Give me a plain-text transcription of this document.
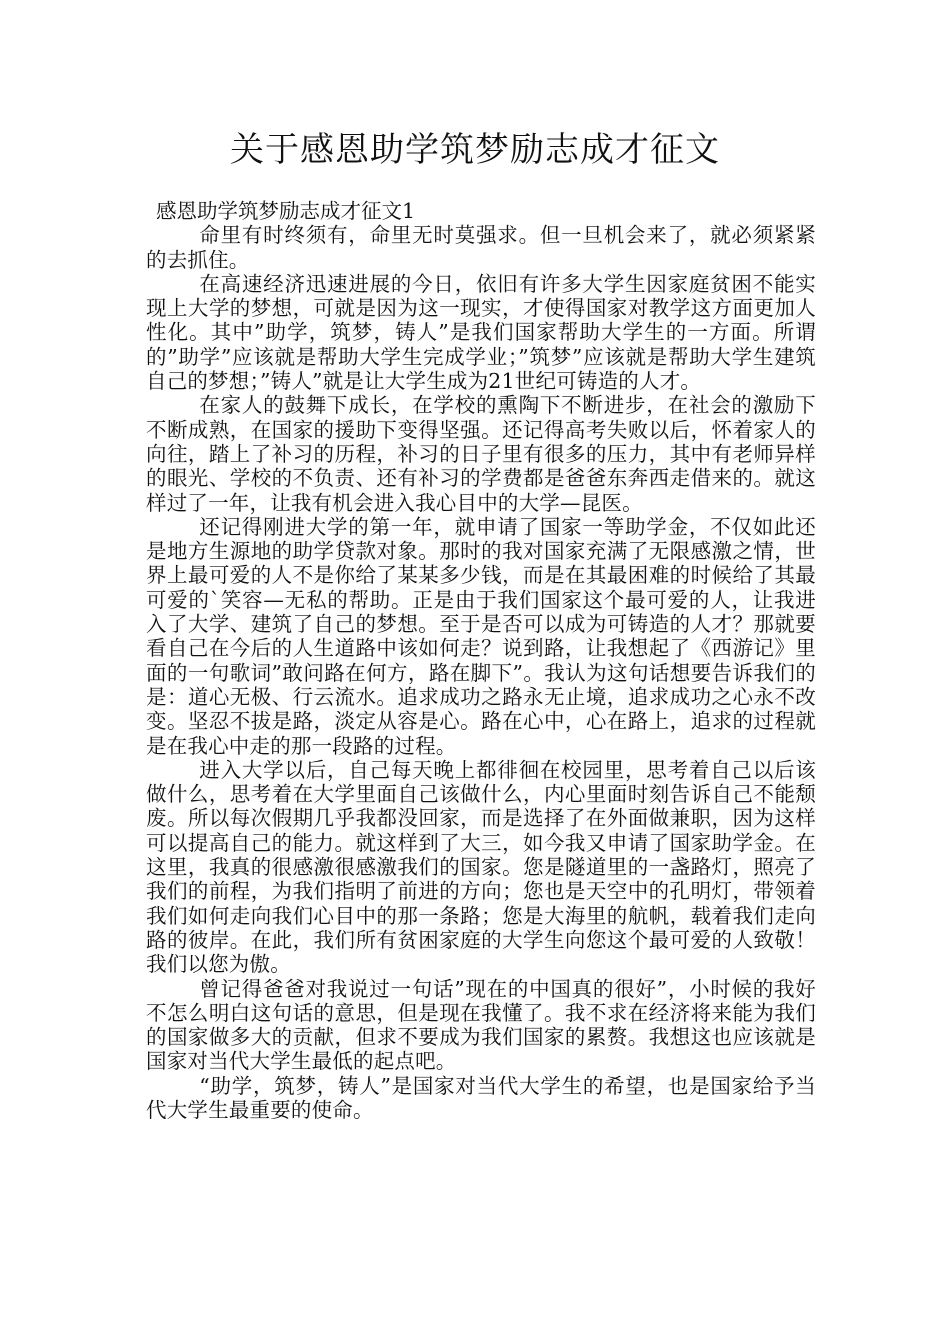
关于感恩助学筑梦励志成才征文

感恩助学筑梦励志成才征文1

命里有时终须有，命里无时莫强求。但一旦机会来了，就必须紧紧的去抓住。

在高速经济迅速进展的今日，依旧有许多大学生因家庭贫困不能实现上大学的梦想，可就是因为这一现实，才使得国家对教学这方面更加人性化。其中”助学，筑梦，铸人”是我们国家帮助大学生的一方面。所谓的”助学”应该就是帮助大学生完成学业；”筑梦”应该就是帮助大学生建筑自己的梦想；”铸人”就是让大学生成为21世纪可铸造的人才。

在家人的鼓舞下成长，在学校的熏陶下不断进步，在社会的激励下不断成熟，在国家的援助下变得坚强。还记得高考失败以后，怀着家人的向往，踏上了补习的历程，补习的日子里有很多的压力，其中有老师异样的眼光、学校的不负责、还有补习的学费都是爸爸东奔西走借来的。就这样过了一年，让我有机会进入我心目中的大学—昆医。

还记得刚进大学的第一年，就申请了国家一等助学金，不仅如此还是地方生源地的助学贷款对象。那时的我对国家充满了无限感激之情，世界上最可爱的人不是你给了某某多少钱，而是在其最困难的时候给了其最可爱的`笑容—无私的帮助。正是由于我们国家这个最可爱的人，让我进入了大学、建筑了自己的梦想。至于是否可以成为可铸造的人才？那就要看自己在今后的人生道路中该如何走？说到路，让我想起了《西游记》里面的一句歌词”敢问路在何方，路在脚下”。我认为这句话想要告诉我们的是：道心无极、行云流水。追求成功之路永无止境，追求成功之心永不改变。坚忍不拔是路，淡定从容是心。路在心中，心在路上，追求的过程就是在我心中走的那一段路的过程。

进入大学以后，自己每天晚上都徘徊在校园里，思考着自己以后该做什么，思考着在大学里面自己该做什么，内心里面时刻告诉自己不能颓废。所以每次假期几乎我都没回家，而是选择了在外面做兼职，因为这样可以提高自己的能力。就这样到了大三，如今我又申请了国家助学金。在这里，我真的很感激很感激我们的国家。您是隧道里的一盏路灯，照亮了我们的前程，为我们指明了前进的方向；您也是天空中的孔明灯，带领着我们如何走向我们心目中的那一条路；您是大海里的航帆，载着我们走向路的彼岸。在此，我们所有贫困家庭的大学生向您这个最可爱的人致敬！我们以您为傲。

曾记得爸爸对我说过一句话”现在的中国真的很好”，小时候的我好不怎么明白这句话的意思，但是现在我懂了。我不求在经济将来能为我们的国家做多大的贡献，但求不要成为我们国家的累赘。我想这也应该就是国家对当代大学生最低的起点吧。

“助学，筑梦，铸人”是国家对当代大学生的希望，也是国家给予当代大学生最重要的使命。
